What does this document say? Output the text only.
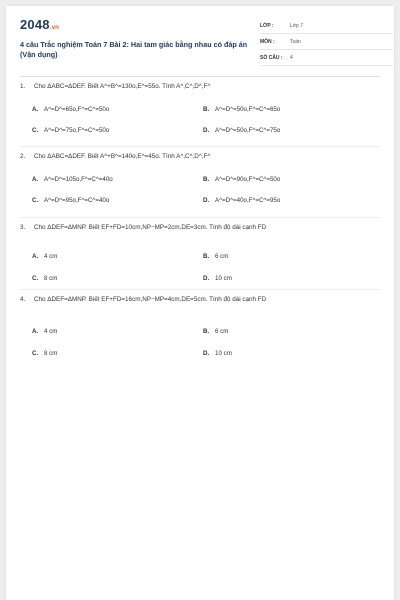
2048.vn
4 câu Trắc nghiệm Toán 7 Bài 2: Hai tam giác bằng nhau có đáp án (Vận dụng)
LỚP :	Lớp 7
MÔN :	Toán
SỐ CÂU : 4
1. Cho ΔABC=ΔDEF. Biết A^+B^=130o,E^=55o. Tính A^,C^,D^,F^
A. A^=D^=65o,F^=C^=50o	B. A^=D^=50o,F^=C^=65o
C. A^=D^=75o,F^=C^=50o	D. A^=D^=50o,F^=C^=75o
2. Cho ΔABC=ΔDEF. Biết A^+B^=140o,E^=45o. Tính A^,C^,D^,F^
A. A^=D^=105o,F^=C^=40o	B. A^=D^=90o,F^=C^=50o
C. A^=D^=95o,F^=C^=40o	D. A^=D^=40o,F^=C^=95o
3. Cho ΔDEF=ΔMNP. Biết EF+FD=10cm,NP−MP=2cm,DE=3cm. Tính độ dài cạnh FD
A. 4 cm	B. 6 cm
C. 8 cm	D. 10 cm
4. Cho ΔDEF=ΔMNP. Biết EF+FD=16cm,NP−MP=4cm,DE=5cm. Tính độ dài cạnh FD
A. 4 cm	B. 6 cm
C. 8 cm	D. 10 cm
